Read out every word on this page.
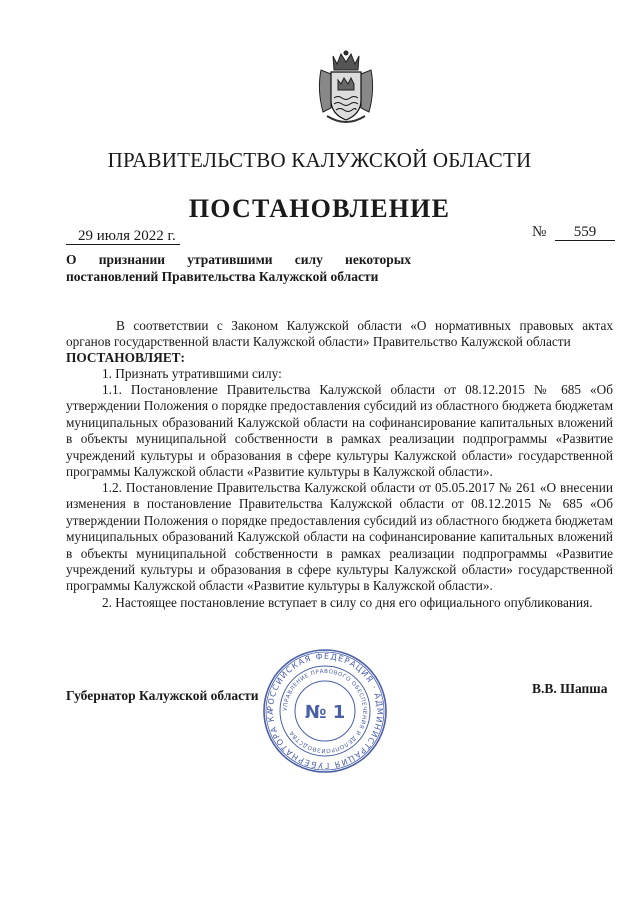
ПРАВИТЕЛЬСТВО КАЛУЖСКОЙ ОБЛАСТИ
ПОСТАНОВЛЕНИЕ
29 июля 2022 г.	№	559
О признании утратившими силу некоторых постановлений Правительства Калужской области

В соответствии с Законом Калужской области «О нормативных правовых актах органов государственной власти Калужской области» Правительство Калужской области

ПОСТАНОВЛЯЕТ:

1. Признать утратившими силу:

1.1. Постановление Правительства Калужской области от 08.12.2015 № 685 «Об утверждении Положения о порядке предоставления субсидий из областного бюджета бюджетам муниципальных образований Калужской области на софинансирование капитальных вложений в объекты муниципальной собственности в рамках реализации подпрограммы «Развитие учреждений культуры и образования в сфере культуры Калужской области» государственной программы Калужской области «Развитие культуры в Калужской области».

1.2. Постановление Правительства Калужской области от 05.05.2017 № 261 «О внесении изменения в постановление Правительства Калужской области от 08.12.2015 № 685 «Об утверждении Положения о порядке предоставления субсидий из областного бюджета бюджетам муниципальных образований Калужской области на софинансирование капитальных вложений в объекты муниципальной собственности в рамках реализации подпрограммы «Развитие учреждений культуры и образования в сфере культуры Калужской области» государственной программы Калужской области «Развитие культуры в Калужской области».

2. Настоящее постановление вступает в силу со дня его официального опубликования.

Губернатор Калужской области	В.В. Шапша
РОССИЙСКАЯ ФЕДЕРАЦИЯ · АДМИНИСТРАЦИЯ ГУБЕРНАТОРА КА	УПРАВЛЕНИЕ ПРАВОВОГО ОБЕСПЕЧЕНИЯ И ДЕЛОПРОИЗВОДСТВА
№ 1
